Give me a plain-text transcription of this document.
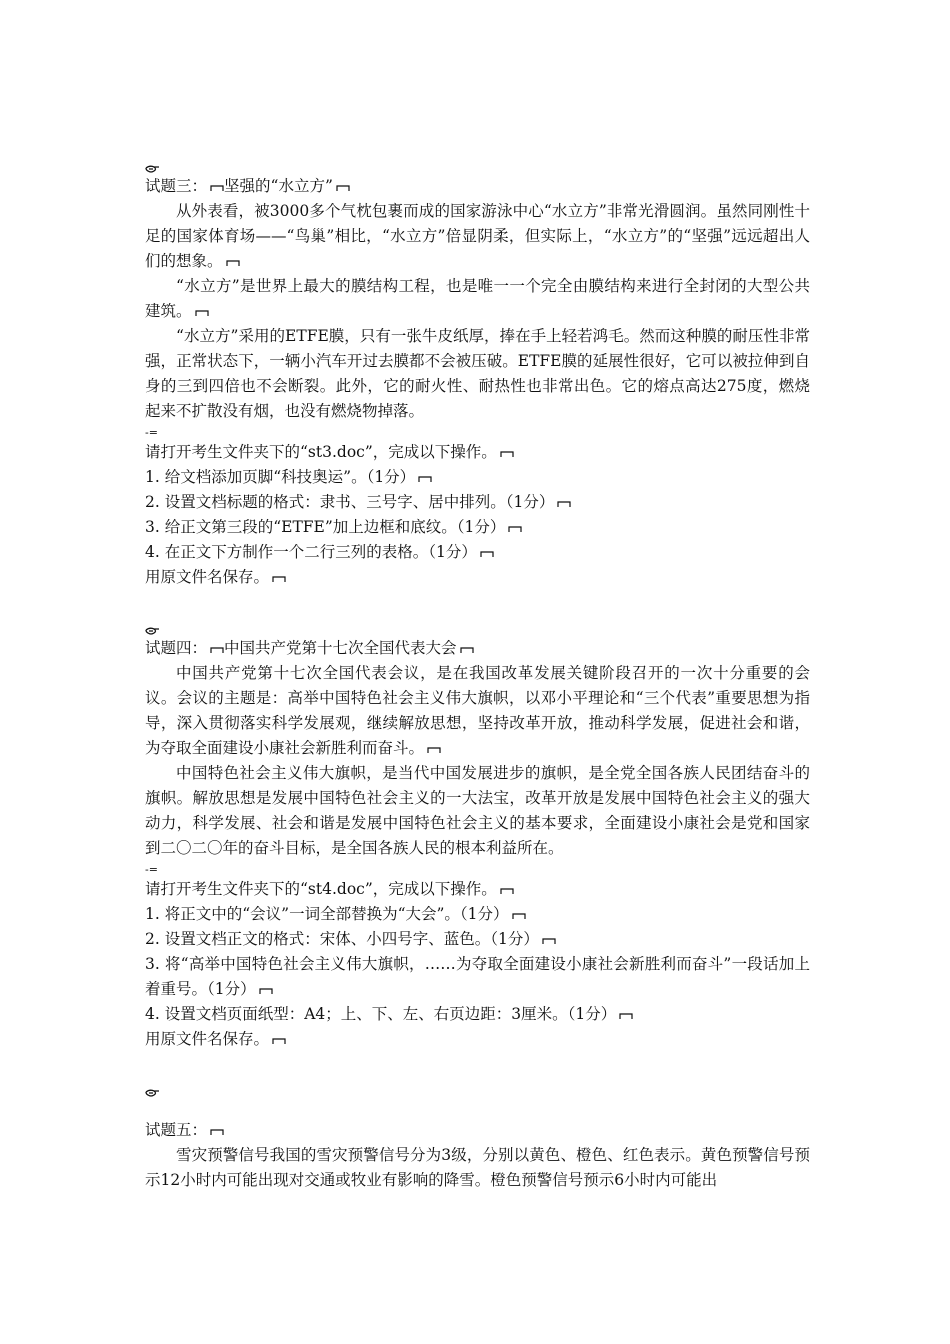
试题三： 坚强的“水立方”
从外表看，被3000多个气枕包裹而成的国家游泳中心“水立方”非常光滑圆润。虽然同刚性十足的国家体育场——“鸟巢”相比，“水立方”倍显阴柔，但实际上，“水立方”的“坚强”远远超出人们的想象。
“水立方”是世界上最大的膜结构工程，也是唯一一个完全由膜结构来进行全封闭的大型公共建筑。
“水立方”采用的ETFE膜，只有一张牛皮纸厚，捧在手上轻若鸿毛。然而这种膜的耐压性非常强，正常状态下，一辆小汽车开过去膜都不会被压破。ETFE膜的延展性很好，它可以被拉伸到自身的三到四倍也不会断裂。此外，它的耐火性、耐热性也非常出色。它的熔点高达275度，燃烧起来不扩散没有烟，也没有燃烧物掉落。
-=
请打开考生文件夹下的“st3.doc”，完成以下操作。
1. 给文档添加页脚“科技奥运”。（1分）
2. 设置文档标题的格式：隶书、三号字、居中排列。（1分）
3. 给正文第三段的“ETFE”加上边框和底纹。（1分）
4. 在正文下方制作一个二行三列的表格。（1分）
用原文件名保存。
试题四： 中国共产党第十七次全国代表大会
中国共产党第十七次全国代表会议，是在我国改革发展关键阶段召开的一次十分重要的会议。会议的主题是：高举中国特色社会主义伟大旗帜，以邓小平理论和“三个代表”重要思想为指导，深入贯彻落实科学发展观，继续解放思想，坚持改革开放，推动科学发展，促进社会和谐，为夺取全面建设小康社会新胜利而奋斗。
中国特色社会主义伟大旗帜，是当代中国发展进步的旗帜，是全党全国各族人民团结奋斗的旗帜。解放思想是发展中国特色社会主义的一大法宝，改革开放是发展中国特色社会主义的强大动力，科学发展、社会和谐是发展中国特色社会主义的基本要求，全面建设小康社会是党和国家到二〇二〇年的奋斗目标，是全国各族人民的根本利益所在。
-=
请打开考生文件夹下的“st4.doc”，完成以下操作。
1. 将正文中的“会议”一词全部替换为“大会”。（1分）
2. 设置文档正文的格式：宋体、小四号字、蓝色。（1分）
3. 将“高举中国特色社会主义伟大旗帜，……为夺取全面建设小康社会新胜利而奋斗”一段话加上着重号。（1分）
4. 设置文档页面纸型：A4；上、下、左、右页边距：3厘米。（1分）
用原文件名保存。
试题五：
雪灾预警信号我国的雪灾预警信号分为3级，分别以黄色、橙色、红色表示。黄色预警信号预示12小时内可能出现对交通或牧业有影响的降雪。橙色预警信号预示6小时内可能出
